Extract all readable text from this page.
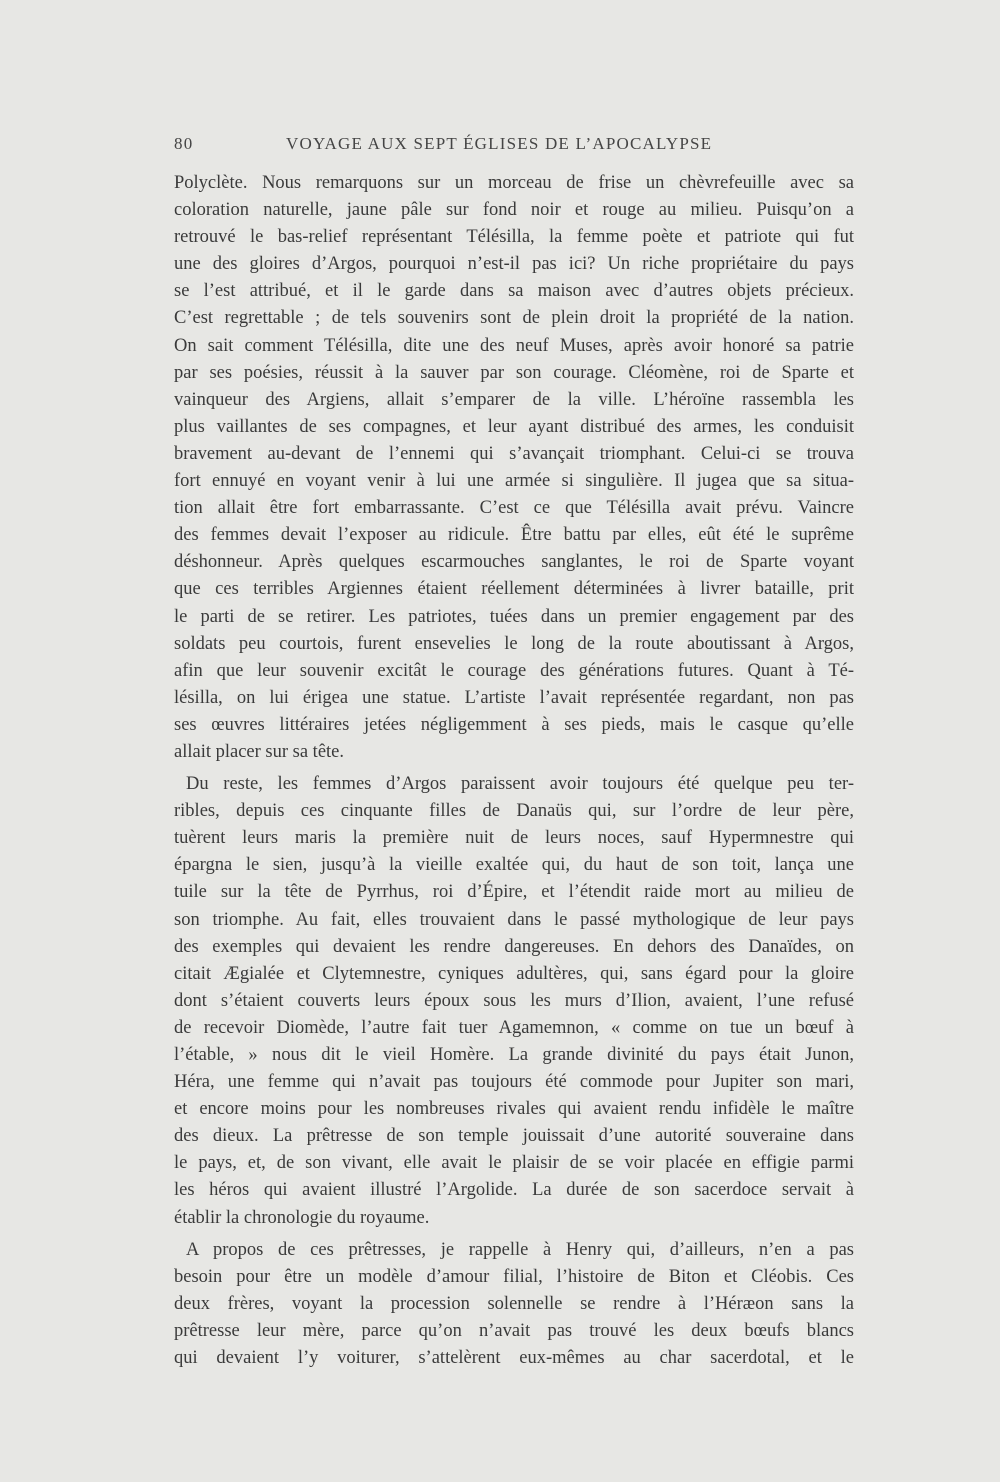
80	VOYAGE AUX SEPT ÉGLISES DE L’APOCALYPSE
Polyclète. Nous remarquons sur un morceau de frise un chèvrefeuille avec sa
coloration naturelle, jaune pâle sur fond noir et rouge au milieu. Puisqu’on a
retrouvé le bas-relief représentant Télésilla, la femme poète et patriote qui fut
une des gloires d’Argos, pourquoi n’est-il pas ici? Un riche propriétaire du pays
se l’est attribué, et il le garde dans sa maison avec d’autres objets précieux.
C’est regrettable ; de tels souvenirs sont de plein droit la propriété de la nation.
On sait comment Télésilla, dite une des neuf Muses, après avoir honoré sa patrie
par ses poésies, réussit à la sauver par son courage. Cléomène, roi de Sparte et
vainqueur des Argiens, allait s’emparer de la ville. L’héroïne rassembla les
plus vaillantes de ses compagnes, et leur ayant distribué des armes, les conduisit
bravement au-devant de l’ennemi qui s’avançait triomphant. Celui-ci se trouva
fort ennuyé en voyant venir à lui une armée si singulière. Il jugea que sa situa-
tion allait être fort embarrassante. C’est ce que Télésilla avait prévu. Vaincre
des femmes devait l’exposer au ridicule. Être battu par elles, eût été le suprême
déshonneur. Après quelques escarmouches sanglantes, le roi de Sparte voyant
que ces terribles Argiennes étaient réellement déterminées à livrer bataille, prit
le parti de se retirer. Les patriotes, tuées dans un premier engagement par des
soldats peu courtois, furent ensevelies le long de la route aboutissant à Argos,
afin que leur souvenir excitât le courage des générations futures. Quant à Té-
lésilla, on lui érigea une statue. L’artiste l’avait représentée regardant, non pas
ses œuvres littéraires jetées négligemment à ses pieds, mais le casque qu’elle
allait placer sur sa tête.
Du reste, les femmes d’Argos paraissent avoir toujours été quelque peu ter-
ribles, depuis ces cinquante filles de Danaüs qui, sur l’ordre de leur père,
tuèrent leurs maris la première nuit de leurs noces, sauf Hypermnestre qui
épargna le sien, jusqu’à la vieille exaltée qui, du haut de son toit, lança une
tuile sur la tête de Pyrrhus, roi d’Épire, et l’étendit raide mort au milieu de
son triomphe. Au fait, elles trouvaient dans le passé mythologique de leur pays
des exemples qui devaient les rendre dangereuses. En dehors des Danaïdes, on
citait Ægialée et Clytemnestre, cyniques adultères, qui, sans égard pour la gloire
dont s’étaient couverts leurs époux sous les murs d’Ilion, avaient, l’une refusé
de recevoir Diomède, l’autre fait tuer Agamemnon, « comme on tue un bœuf à
l’étable, » nous dit le vieil Homère. La grande divinité du pays était Junon,
Héra, une femme qui n’avait pas toujours été commode pour Jupiter son mari,
et encore moins pour les nombreuses rivales qui avaient rendu infidèle le maître
des dieux. La prêtresse de son temple jouissait d’une autorité souveraine dans
le pays, et, de son vivant, elle avait le plaisir de se voir placée en effigie parmi
les héros qui avaient illustré l’Argolide. La durée de son sacerdoce servait à
établir la chronologie du royaume.
A propos de ces prêtresses, je rappelle à Henry qui, d’ailleurs, n’en a pas
besoin pour être un modèle d’amour filial, l’histoire de Biton et Cléobis. Ces
deux frères, voyant la procession solennelle se rendre à l’Héræon sans la
prêtresse leur mère, parce qu’on n’avait pas trouvé les deux bœufs blancs
qui devaient l’y voiturer, s’attelèrent eux-mêmes au char sacerdotal, et le
